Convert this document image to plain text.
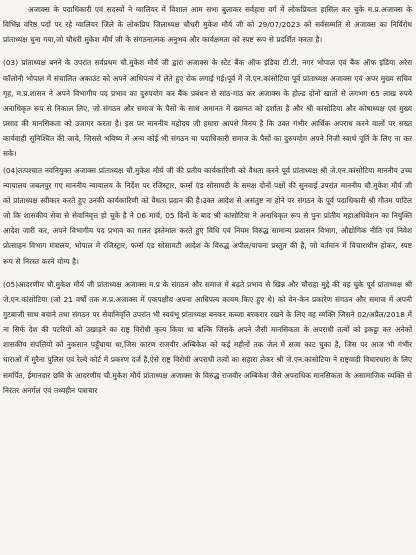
अजाक्स के पदाधिकारी एवं सदस्यों ने ग्वालियर में विशाल आम सभा बुलाकर सर्वहारा वर्ग में लोकप्रियता हासिल कर चुके म.प्र.अजाक्स के विभिन्न वरिष्ठ पदों पर रहे ग्वालियर जिले के लोकप्रिय जिलाध्यक्ष चौधरी मुकेश मौर्य जी को 29/07/2023 को सर्वसम्मति से अजाक्स का निर्विरोध प्रांताध्यक्ष चुना गया,जो चौधरी मुकेश मौर्य जी के संगठनात्मक अनुभव और कार्यक्षमता को स्पष्ट रूप से प्रदर्शित करता है।

(03) प्रांताध्यक्ष बनने के उपरांत सर्वप्रथम चौ.मुकेश मौर्य जी द्वारा अजाक्स के स्टेट बैंक ऑफ इंडिया टी.टी. नगर भोपाल एवं बैंक ऑफ इंडिया अरेरा कॉलोनी भोपाल में संचालित अकाउंट को अपने आधिपत्य में लेते हुए रोक लगाई गई।पूर्व में जे.एन.कांसोटिया पूर्व प्रांताध्यक्ष अजाक्स एवं अपर मुख्य सचिव गृह, म.प्र.शासन ने अपने विभागीय पद प्रभाव का दुरुपयोग कर बैंक प्रबंधन से सांठ-गांठ कर अजाक्स के होल्ड दोनों खातों से लगभग 65 लाख रुपये अनाधिकृत रूप से निकाल लिए, जो संगठन और समाज के पैसों के साथ अमानत में ख्यानत को दर्शाता है और श्री कांसोटिया और कोषाध्यक्ष एवं मुख्य प्रसाद की मानसिकता को उजागर करता है। इस पर माननीय महोदय जी हमारा आपसे विनय है कि उक्त गंभीर आर्थिक अपराध करने वालों पर सख्त कार्यवाही सुनिश्चित की जावे, जिससे भविष्य में अन्य कोई भी संगठन या पदाधिकारी समाज के पैसों का दुरुपयोग अपने निजी स्वार्थ पूर्ति के लिए ना कर सके।

(04)तत्पश्चात नवनियुक्त अजाक्स प्रांताध्यक्ष चौ.मुकेश मौर्य जी की प्रतीय कार्यकारिणी को वैधता करने पूर्व प्रांताध्यक्ष श्री जे.एन.कांसोटिया माननीय उच्च न्यायालय जबलपुर गए माननीय न्यायालय के निर्देश पर रजिस्ट्रार, फर्म्स एंड सोसायटी के समक्ष दोनों पक्षों की सुनवाई उपरांत माननीय चौ.मुकेश मौर्य जी को प्रांताध्यक्ष स्वीकार करते हुए उनकी कार्यकारिणी को वैधता प्रदान की है।उक्त आदेश से असंतुष्ट ना होने पर संगठन के पूर्व पदाधिकारी श्री गौतम पाटिल जो कि शासकीय सेवा से सेवानिवृत्त हो चुके है ने 06 मार्च, 05 दिनों के बाद श्री कांसोटिया ने अनाधिकृत रूप से पुनः प्रांतीय महाअधिवेशन का नियुक्ति आदेश जारी कर, अपने विभागीय पद प्रभाव का गलत इस्तेमाल करते हुए विधि एवं नियम विरुद्ध सामान्य प्रशासन विभाग, औद्योगिक नीति एवं निवेश प्रोत्साहन विभाग मंत्रालय, भोपाल में रजिस्ट्रार, फर्म्स एंड सोसायटी आदेश के विरुद्ध अपील/याचना प्रस्तुत की है, जो वर्तमान में विचाराधीन होकर, स्पष्ट रूप से निरस्त करने योग्य है।

(05)आदरणीय चौ.मुकेश मौर्य जी प्रांताध्यक्ष अजाक्स म.प्र के संगठन और समाज में बढ़ते प्रभाव से खिन्न और चौराहा मुद्दे की वह चुके पूर्व प्रांताध्यक्ष श्री जे.एन.कांसोटिया (जो 21 वर्षों तक म.प्र.अजाक्स में एकपक्षीय अपना आधिपत्य कायम किए हुए थे) को वेन-केन प्रकारेण संगठन और समाज में अपनी गुटबाजी साथ बचाने तथा संगठन पर सेवानिवृत्ति उपरांत भी स्वयंभू प्रांताध्यक्ष बनकर कब्जा बरकरार रखने के लिए वह व्यक्ति जिसने 02/अप्रैल/2018 में ना सिर्फ देश की पटरियों को उखाड़ने का राष्ट्र विरोधी कृत्य किया था बल्कि जिसके अपने जैसी मानसिकता के अपराधी तत्वों को इकट्ठा कर अनेकों शासकीय संपत्तियों को नुकसान पहुँचाया था,जिस कारण राजवीर अम्बिकेश को कई महीनों तक जेल में सजा काट चुका है, जिस पर आज भी गंभीर धाराओं में मुरैना पुलिस एवं रेल्वे कोर्ट में प्रकरण दर्ज है,ऐसे राष्ट्र विरोधी अपराधी तत्वों का सहारा लेकर श्री जे.एन.कांसोटिया ने राष्ट्रवादी विचारधारा के लिए समर्पित, ईमानदार छवि के आदरणीय चौ.मुकेश मौर्य प्रांताध्यक्ष अजाक्स के विरुद्ध राजवीर अम्बिकेश जैसे अपराधिक मानसिकता के असामाजिक व्यक्ति से निरंतर अनर्गल एवं तथ्यहीन पत्राचार
